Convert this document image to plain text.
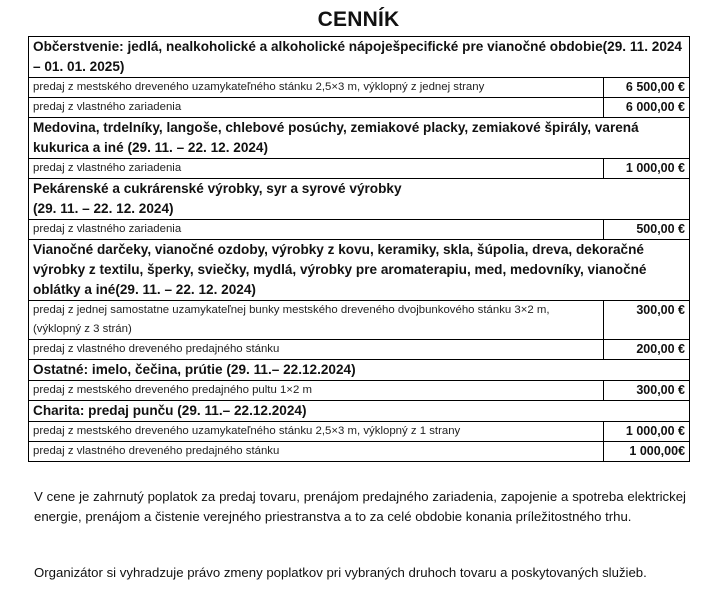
CENNÍK
Občerstvenie: jedlá, nealkoholické a alkoholické nápoješpecifické pre vianočné obdobie(29. 11. 2024 – 01. 01. 2025)	
predaj z mestského dreveného uzamykateľného stánku 2,5×3 m, výklopný z jednej strany	6 500,00 €
predaj z vlastného zariadenia	6 000,00 €
Medovina, trdelníky, langoše, chlebové posúchy, zemiakové placky, zemiakové špirály, varená kukurica a iné (29. 11. – 22. 12. 2024)	
predaj z vlastného zariadenia	1 000,00 €

Pekárenské a cukrárenské výrobky, syr a syrové výrobky
(29. 11. – 22. 12. 2024)	

predaj z vlastného zariadenia	500,00 €
Vianočné darčeky, vianočné ozdoby, výrobky z kovu, keramiky, skla, šúpolia, dreva, dekoračné výrobky z textilu, šperky, sviečky, mydlá, výrobky pre aromaterapiu, med, medovníky, vianočné oblátky a iné(29. 11. – 22. 12. 2024)	
predaj z jednej samostatne uzamykateľnej bunky mestského dreveného dvojbunkového stánku 3×2 m, (výklopný z 3 strán)	300,00 €
predaj z vlastného dreveného predajného stánku	200,00 €
Ostatné: imelo, čečina, prútie (29. 11.– 22.12.2024)	
predaj z mestského dreveného predajného pultu 1×2 m	300,00 €
Charita: predaj punču (29. 11.– 22.12.2024)	
predaj z mestského dreveného uzamykateľného stánku 2,5×3 m, výklopný z 1 strany	1 000,00 €
predaj z vlastného dreveného predajného stánku	1 000,00€

V cene je zahrnutý poplatok za predaj tovaru, prenájom predajného zariadenia, zapojenie a spotreba elektrickej energie, prenájom a čistenie verejného priestranstva a to za celé obdobie konania príležitostného trhu.

Organizátor si vyhradzuje právo zmeny poplatkov pri vybraných druhoch tovaru a poskytovaných služieb.
